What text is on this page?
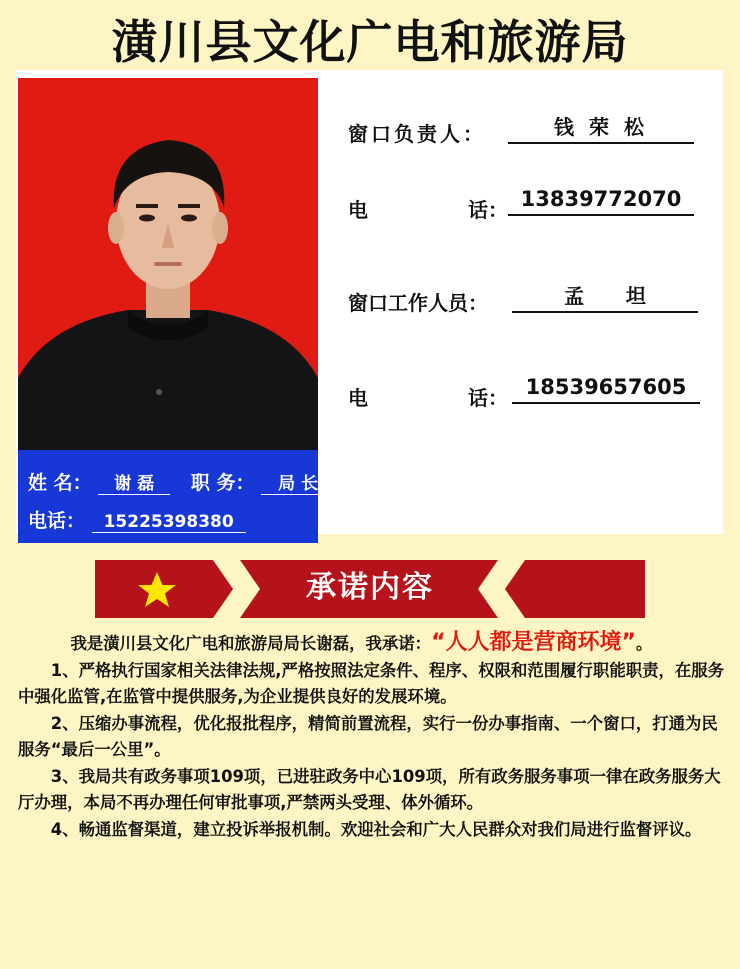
潢川县文化广电和旅游局
姓 名： 谢 磊 职 务： 局 长
电话： 15225398380
窗口负责人：	钱 荣 松
电	话： 13839772070
窗口工作人员：	孟      坦
电	话： 18539657605
承诺内容

我是潢川县文化广电和旅游局局长谢磊，我承诺：“人人都是营商环境”。

1、严格执行国家相关法律法规,严格按照法定条件、程序、权限和范围履行职能职责，在服务中强化监管,在监管中提供服务,为企业提供良好的发展环境。

2、压缩办事流程，优化报批程序，精简前置流程，实行一份办事指南、一个窗口，打通为民服务“最后一公里”。

3、我局共有政务事项109项，已进驻政务中心109项，所有政务服务事项一律在政务服务大厅办理，本局不再办理任何审批事项,严禁两头受理、体外循环。

4、畅通监督渠道，建立投诉举报机制。欢迎社会和广大人民群众对我们局进行监督评议。
